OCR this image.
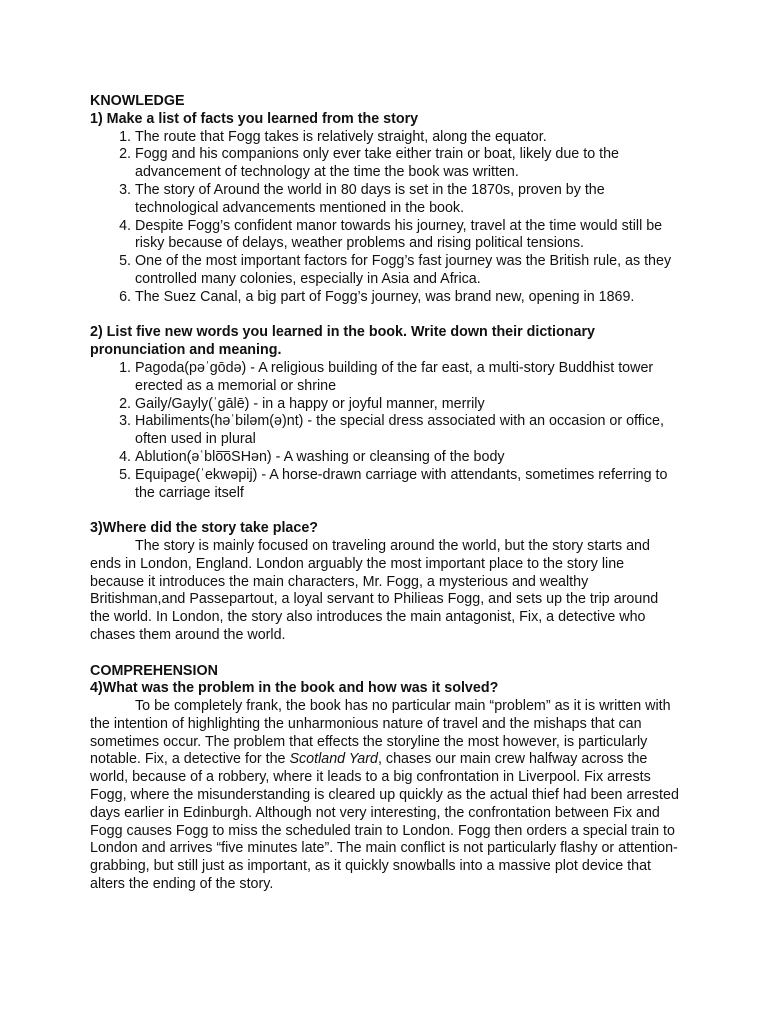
KNOWLEDGE
1) Make a list of facts you learned from the story
1. The route that Fogg takes is relatively straight, along the equator.
2. Fogg and his companions only ever take either train or boat, likely due to the advancement of technology at the time the book was written.
3. The story of Around the world in 80 days is set in the 1870s, proven by the technological advancements mentioned in the book.
4. Despite Fogg’s confident manor towards his journey, travel at the time would still be risky because of delays, weather problems and rising political tensions.
5. One of the most important factors for Fogg’s fast journey was the British rule, as they controlled many colonies, especially in Asia and Africa.
6. The Suez Canal, a big part of Fogg’s journey, was brand new, opening in 1869.
2) List five new words you learned in the book. Write down their dictionary pronunciation and meaning.
1. Pagoda(pəˈgōdə) - A religious building of the far east, a multi-story Buddhist tower erected as a memorial or shrine
2. Gaily/Gayly(ˈgālē) - in a happy or joyful manner, merrily
3. Habiliments(həˈbiləm(ə)nt) - the special dress associated with an occasion or office, often used in plural
4. Ablution(əˈblo͞oSHən) - A washing or cleansing of the body
5. Equipage(ˈekwəpij) - A horse-drawn carriage with attendants, sometimes referring to the carriage itself
3)Where did the story take place?

The story is mainly focused on traveling around the world, but the story starts and ends in London, England. London arguably the most important place to the story line because it introduces the main characters, Mr. Fogg, a mysterious and wealthy Britishman,and Passepartout, a loyal servant to Philieas Fogg, and sets up the trip around the world. In London, the story also introduces the main antagonist, Fix, a detective who chases them around the world.

COMPREHENSION
4)What was the problem in the book and how was it solved?

To be completely frank, the book has no particular main “problem” as it is written with the intention of highlighting the unharmonious nature of travel and the mishaps that can sometimes occur. The problem that effects the storyline the most however, is particularly notable. Fix, a detective for the Scotland Yard, chases our main crew halfway across the world, because of a robbery, where it leads to a big confrontation in Liverpool. Fix arrests Fogg, where the misunderstanding is cleared up quickly as the actual thief had been arrested days earlier in Edinburgh. Although not very interesting, the confrontation between Fix and Fogg causes Fogg to miss the scheduled train to London. Fogg then orders a special train to London and arrives “five minutes late”. The main conflict is not particularly flashy or attention-grabbing, but still just as important, as it quickly snowballs into a massive plot device that alters the ending of the story.
